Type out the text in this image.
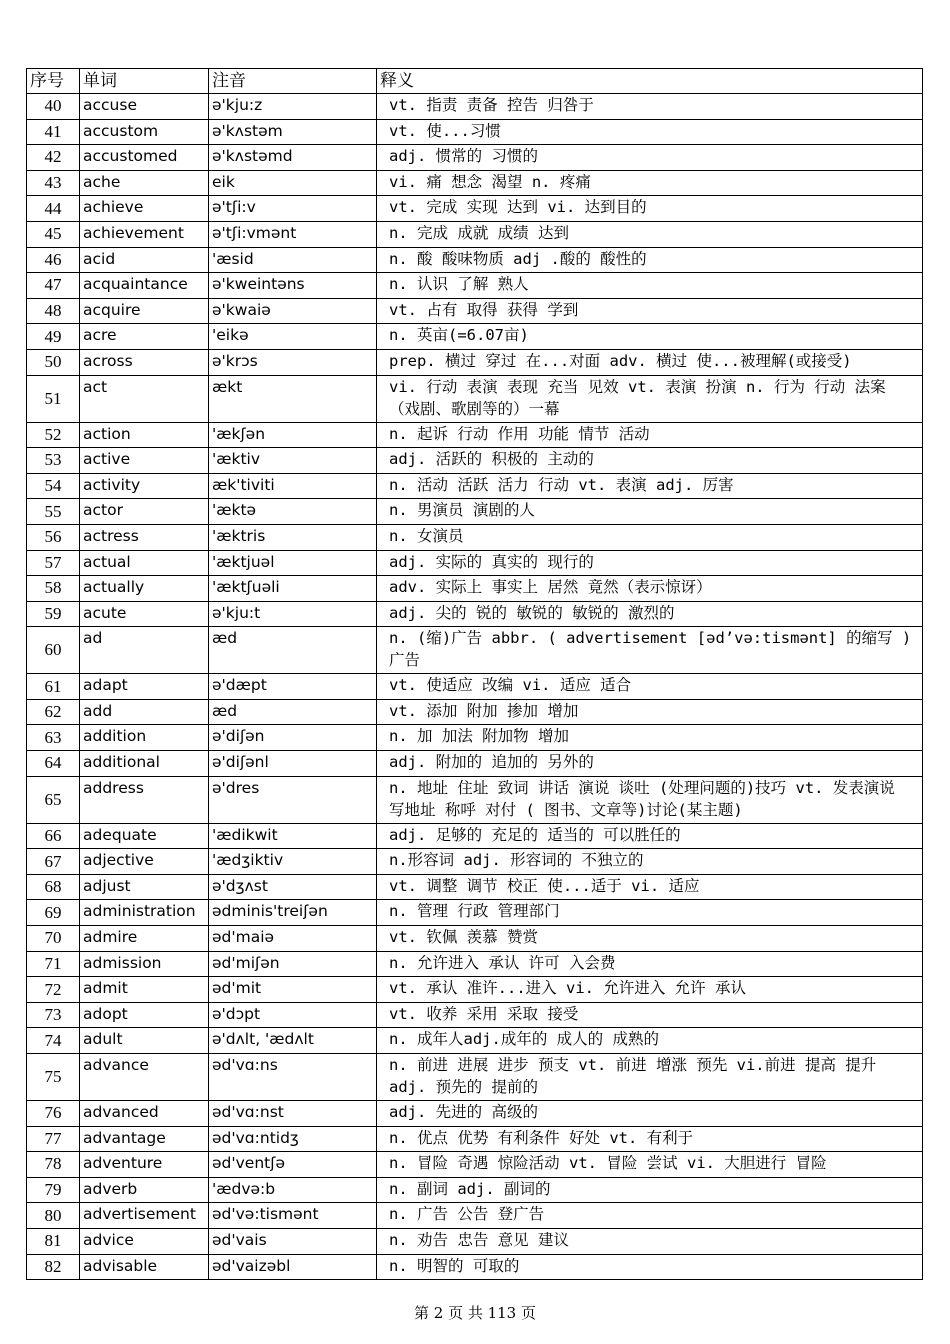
序号	单词	注音	释义
40	accuse	ə'kju:z	vt. 指责 责备 控告 归咎于
41	accustom	ə'kʌstəm	vt. 使...习惯
42	accustomed	ə'kʌstəmd	adj. 惯常的 习惯的
43	ache	eik	vi. 痛 想念 渴望 n. 疼痛
44	achieve	ə'tʃi:v	vt. 完成 实现 达到 vi. 达到目的
45	achievement	ə'tʃi:vmənt	n. 完成 成就 成绩 达到
46	acid	'æsid	n. 酸 酸味物质 adj .酸的 酸性的
47	acquaintance	ə'kweintəns	n. 认识 了解 熟人
48	acquire	ə'kwaiə	vt. 占有 取得 获得 学到
49	acre	'eikə	n. 英亩(=6.07亩)
50	across	ə'krɔs	prep. 横过 穿过 在...对面 adv. 横过 使...被理解(或接受)
51	act	ækt	vi. 行动 表演 表现 充当 见效 vt. 表演 扮演 n. 行为 行动 法案 （戏剧、歌剧等的）一幕
52	action	'ækʃən	n. 起诉 行动 作用 功能 情节 活动
53	active	'æktiv	adj. 活跃的 积极的 主动的
54	activity	æk'tiviti	n. 活动 活跃 活力 行动 vt. 表演 adj. 厉害
55	actor	'æktə	n. 男演员 演剧的人
56	actress	'æktris	n. 女演员
57	actual	'æktjuəl	adj. 实际的 真实的 现行的
58	actually	'æktʃuəli	adv. 实际上 事实上 居然 竟然（表示惊讶）
59	acute	ə'kju:t	adj. 尖的 锐的 敏锐的 敏锐的 激烈的
60	ad	æd	n. (缩)广告 abbr. ( advertisement [əd’və:tismənt] 的缩写 ) 广告
61	adapt	ə'dæpt	vt. 使适应 改编 vi. 适应 适合
62	add	æd	vt. 添加 附加 掺加 增加
63	addition	ə'diʃən	n. 加 加法 附加物 增加
64	additional	ə'diʃənl	adj. 附加的 追加的 另外的
65	address	ə'dres	n. 地址 住址 致词 讲话 演说 谈吐 (处理问题的)技巧 vt. 发表演说 写地址 称呼 对付 ( 图书、文章等)讨论(某主题)
66	adequate	'ædikwit	adj. 足够的 充足的 适当的 可以胜任的
67	adjective	'ædʒiktiv	n.形容词 adj. 形容词的 不独立的
68	adjust	ə'dʒʌst	vt. 调整 调节 校正 使...适于 vi. 适应
69	administration	ədminis'treiʃən	n. 管理 行政 管理部门
70	admire	əd'maiə	vt. 钦佩 羡慕 赞赏
71	admission	əd'miʃən	n. 允许进入 承认 许可 入会费
72	admit	əd'mit	vt. 承认 准许...进入 vi. 允许进入 允许 承认
73	adopt	ə'dɔpt	vt. 收养 采用 采取 接受
74	adult	ə'dʌlt, 'ædʌlt	n. 成年人adj.成年的 成人的 成熟的
75	advance	əd'vɑ:ns	n. 前进 进展 进步 预支 vt. 前进 增涨 预先 vi.前进 提高 提升 adj. 预先的 提前的
76	advanced	əd'vɑ:nst	adj. 先进的 高级的
77	advantage	əd'vɑ:ntidʒ	n. 优点 优势 有利条件 好处 vt. 有利于
78	adventure	əd'ventʃə	n. 冒险 奇遇 惊险活动 vt. 冒险 尝试 vi. 大胆进行 冒险
79	adverb	'ædvə:b	n. 副词 adj. 副词的
80	advertisement	əd'və:tismənt	n. 广告 公告 登广告
81	advice	əd'vais	n. 劝告 忠告 意见 建议
82	advisable	əd'vaizəbl	n. 明智的 可取的
第 2 页 共 113 页
